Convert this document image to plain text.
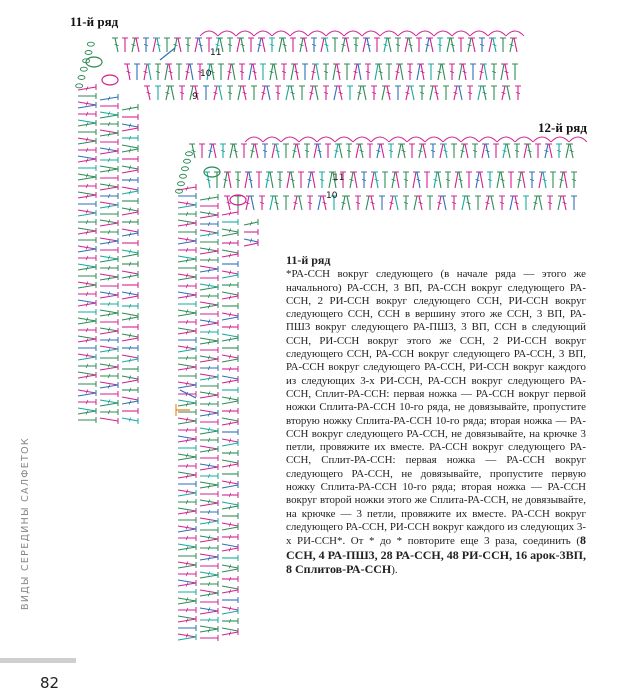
11
10
9
11
10
11-й ряд
12-й ряд
11-й ряд
*РА-ССН вокруг следующего (в начале ряда — этого же начального) РА-ССН, 3 ВП, РА-ССН вокруг следующего РА-ССН, 2 РИ-ССН вокруг следующего ССН, РИ-ССН вокруг следующего ССН, ССН в вершину этого же ССН, 3 ВП, РА-ПШ3 вокруг следующего РА-ПШ3, 3 ВП, ССН в следующий ССН, РИ-ССН вокруг этого же ССН, 2 РИ-ССН вокруг следующего ССН, РА-ССН вокруг следующего РА-ССН, 3 ВП, РА-ССН вокруг следующего РА-ССН, РИ-ССН вокруг каждого из следующих 3-х РИ-ССН, РА-ССН вокруг следующего РА-ССН, Сплит-РА-ССН: первая ножка — РА-ССН вокруг первой ножки Сплита-РА-ССН 10-го ряда, не довязывайте, пропустите вторую ножку Сплита-РА-ССН 10-го ряда; вторая ножка — РА-ССН вокруг следующего РА-ССН, не довязывайте, на крючке 3 петли, провяжите их вместе. РА-ССН вокруг следующего РА-ССН, Сплит-РА-ССН: первая ножка — РА-ССН вокруг следующего РА-ССН, не довязывайте, пропустите первую ножку Сплита-РА-ССН 10-го ряда; вторая ножка — РА-ССН вокруг второй ножки этого же Сплита-РА-ССН, не довязывайте, на крючке — 3 петли, провяжите их вместе. РА-ССН вокруг следующего РА-ССН, РИ-ССН вокруг каждого из следующих 3-х РИ-ССН*. От * до * повторите еще 3 раза, соединить (8 ССН, 4 РА-ПШ3, 28 РА-ССН, 48 РИ-ССН, 16 арок-3ВП, 8 Сплитов-РА-ССН).
ВИДЫ СЕРЕДИНЫ САЛФЕТОК
82
